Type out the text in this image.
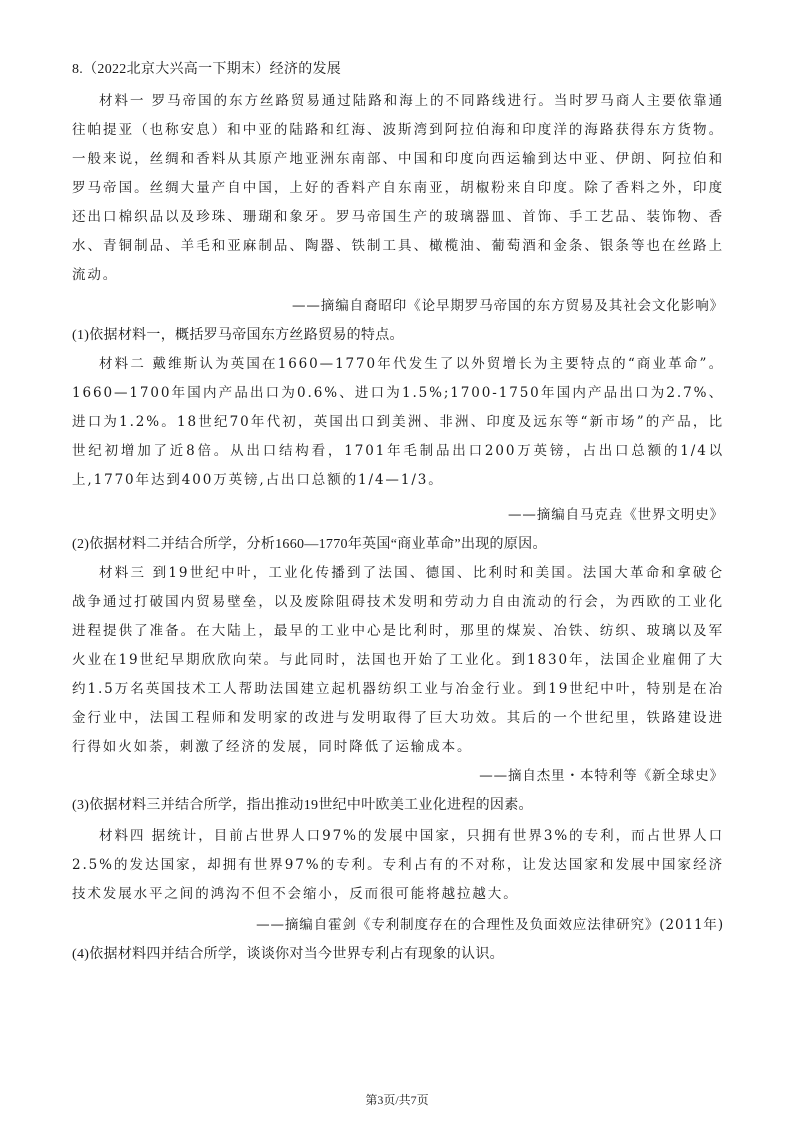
8.（2022北京大兴高一下期末）经济的发展

材料一 罗马帝国的东方丝路贸易通过陆路和海上的不同路线进行。当时罗马商人主要依靠通往帕提亚（也称安息）和中亚的陆路和红海、波斯湾到阿拉伯海和印度洋的海路获得东方货物。一般来说，丝绸和香料从其原产地亚洲东南部、中国和印度向西运输到达中亚、伊朗、阿拉伯和罗马帝国。丝绸大量产自中国，上好的香料产自东南亚，胡椒粉来自印度。除了香料之外，印度还出口棉织品以及珍珠、珊瑚和象牙。罗马帝国生产的玻璃器皿、首饰、手工艺品、装饰物、香水、青铜制品、羊毛和亚麻制品、陶器、铁制工具、橄榄油、葡萄酒和金条、银条等也在丝路上流动。

——摘编自裔昭印《论早期罗马帝国的东方贸易及其社会文化影响》
(1)依据材料一，概括罗马帝国东方丝路贸易的特点。

材料二 戴维斯认为英国在1660—1770年代发生了以外贸增长为主要特点的“商业革命”。1660—1700年国内产品出口为0.6%、进口为1.5%;1700-1750年国内产品出口为2.7%、进口为1.2%。18世纪70年代初，英国出口到美洲、非洲、印度及远东等“新市场”的产品，比世纪初增加了近8倍。从出口结构看，1701年毛制品出口200万英镑，占出口总额的1/4以上,1770年达到400万英镑,占出口总额的1/4—1/3。

——摘编自马克垚《世界文明史》
(2)依据材料二并结合所学，分析1660—1770年英国“商业革命”出现的原因。

材料三 到19世纪中叶，工业化传播到了法国、德国、比利时和美国。法国大革命和拿破仑战争通过打破国内贸易壁垒，以及废除阻碍技术发明和劳动力自由流动的行会，为西欧的工业化进程提供了准备。在大陆上，最早的工业中心是比利时，那里的煤炭、冶铁、纺织、玻璃以及军火业在19世纪早期欣欣向荣。与此同时，法国也开始了工业化。到1830年，法国企业雇佣了大约1.5万名英国技术工人帮助法国建立起机器纺织工业与冶金行业。到19世纪中叶，特别是在冶金行业中，法国工程师和发明家的改进与发明取得了巨大功效。其后的一个世纪里，铁路建设进行得如火如荼，刺激了经济的发展，同时降低了运输成本。

——摘自杰里・本特利等《新全球史》
(3)依据材料三并结合所学，指出推动19世纪中叶欧美工业化进程的因素。

材料四 据统计，目前占世界人口97%的发展中国家，只拥有世界3%的专利，而占世界人口2.5%的发达国家，却拥有世界97%的专利。专利占有的不对称，让发达国家和发展中国家经济技术发展水平之间的鸿沟不但不会缩小，反而很可能将越拉越大。

——摘编自霍剑《专利制度存在的合理性及负面效应法律研究》(2011年)
(4)依据材料四并结合所学，谈谈你对当今世界专利占有现象的认识。
第3页/共7页
